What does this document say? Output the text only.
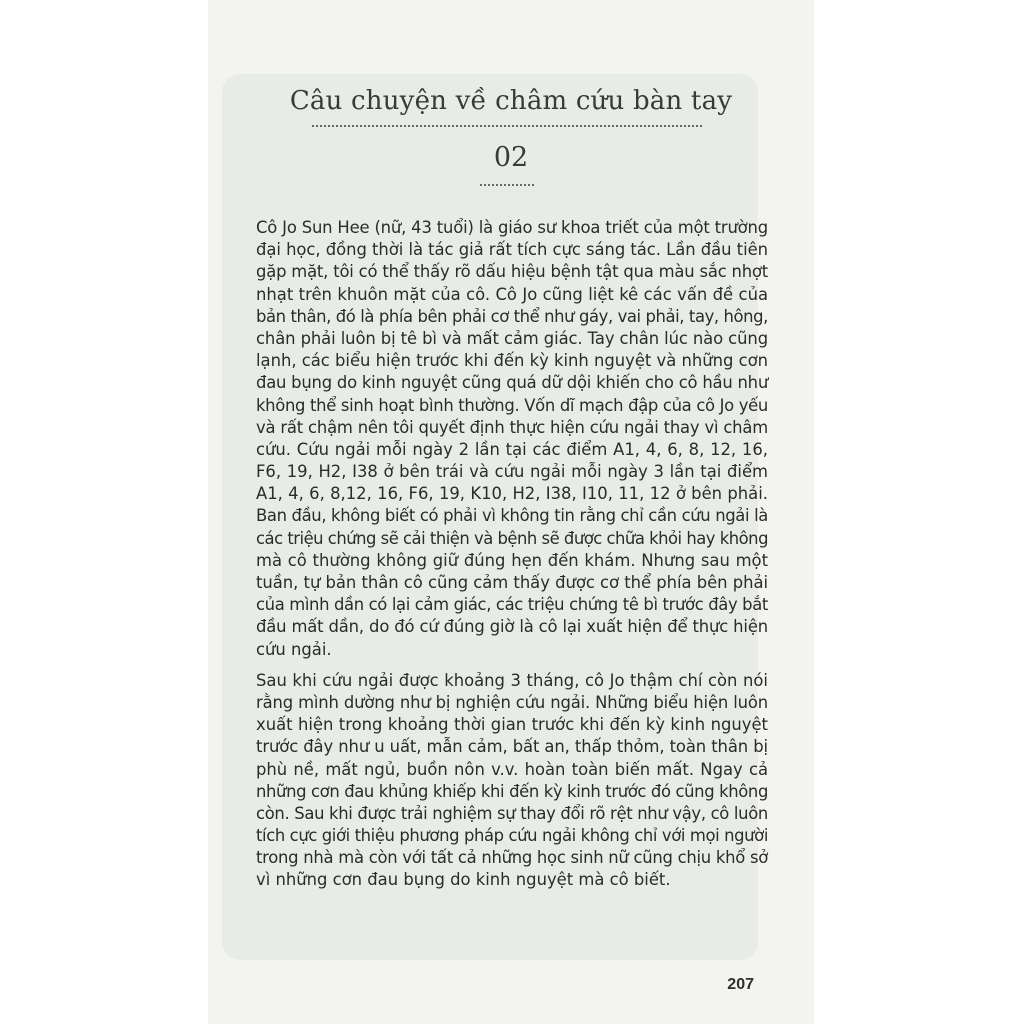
Câu chuyện về châm cứu bàn tay
02
Cô Jo Sun Hee (nữ, 43 tuổi) là giáo sư khoa triết của một trường
đại học, đồng thời là tác giả rất tích cực sáng tác. Lần đầu tiên
gặp mặt, tôi có thể thấy rõ dấu hiệu bệnh tật qua màu sắc nhợt
nhạt trên khuôn mặt của cô. Cô Jo cũng liệt kê các vấn đề của
bản thân, đó là phía bên phải cơ thể như gáy, vai phải, tay, hông,
chân phải luôn bị tê bì và mất cảm giác. Tay chân lúc nào cũng
lạnh, các biểu hiện trước khi đến kỳ kinh nguyệt và những cơn
đau bụng do kinh nguyệt cũng quá dữ dội khiến cho cô hầu như
không thể sinh hoạt bình thường. Vốn dĩ mạch đập của cô Jo yếu
và rất chậm nên tôi quyết định thực hiện cứu ngải thay vì châm
cứu. Cứu ngải mỗi ngày 2 lần tại các điểm A1, 4, 6, 8, 12, 16,
F6, 19, H2, I38 ở bên trái và cứu ngải mỗi ngày 3 lần tại điểm
A1, 4, 6, 8,12, 16, F6, 19, K10, H2, I38, I10, 11, 12 ở bên phải.
Ban đầu, không biết có phải vì không tin rằng chỉ cần cứu ngải là
các triệu chứng sẽ cải thiện và bệnh sẽ được chữa khỏi hay không
mà cô thường không giữ đúng hẹn đến khám. Nhưng sau một
tuần, tự bản thân cô cũng cảm thấy được cơ thể phía bên phải
của mình dần có lại cảm giác, các triệu chứng tê bì trước đây bắt
đầu mất dần, do đó cứ đúng giờ là cô lại xuất hiện để thực hiện
cứu ngải.
Sau khi cứu ngải được khoảng 3 tháng, cô Jo thậm chí còn nói
rằng mình dường như bị nghiện cứu ngải. Những biểu hiện luôn
xuất hiện trong khoảng thời gian trước khi đến kỳ kinh nguyệt
trước đây như u uất, mẫn cảm, bất an, thấp thỏm, toàn thân bị
phù nề, mất ngủ, buồn nôn v.v. hoàn toàn biến mất. Ngay cả
những cơn đau khủng khiếp khi đến kỳ kinh trước đó cũng không
còn. Sau khi được trải nghiệm sự thay đổi rõ rệt như vậy, cô luôn
tích cực giới thiệu phương pháp cứu ngải không chỉ với mọi người
trong nhà mà còn với tất cả những học sinh nữ cũng chịu khổ sở
vì những cơn đau bụng do kinh nguyệt mà cô biết.
207
